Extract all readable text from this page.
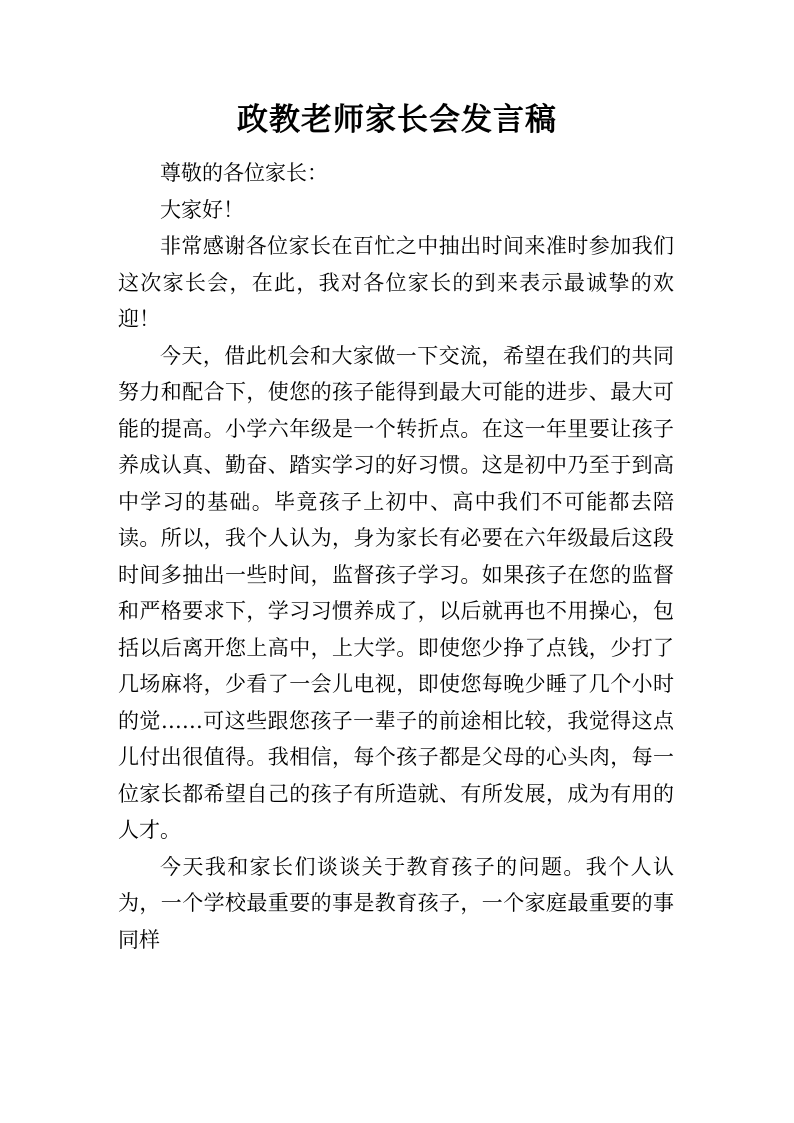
政教老师家长会发言稿

尊敬的各位家长：

大家好！

非常感谢各位家长在百忙之中抽出时间来准时参加我们这次家长会，在此，我对各位家长的到来表示最诚挚的欢迎！

今天，借此机会和大家做一下交流，希望在我们的共同努力和配合下，使您的孩子能得到最大可能的进步、最大可能的提高。小学六年级是一个转折点。在这一年里要让孩子养成认真、勤奋、踏实学习的好习惯。这是初中乃至于到高中学习的基础。毕竟孩子上初中、高中我们不可能都去陪读。所以，我个人认为，身为家长有必要在六年级最后这段时间多抽出一些时间，监督孩子学习。如果孩子在您的监督和严格要求下，学习习惯养成了，以后就再也不用操心，包括以后离开您上高中，上大学。即使您少挣了点钱，少打了几场麻将，少看了一会儿电视，即使您每晚少睡了几个小时的觉……可这些跟您孩子一辈子的前途相比较，我觉得这点儿付出很值得。我相信，每个孩子都是父母的心头肉，每一位家长都希望自己的孩子有所造就、有所发展，成为有用的人才。

今天我和家长们谈谈关于教育孩子的问题。我个人认为，一个学校最重要的事是教育孩子，一个家庭最重要的事同样
